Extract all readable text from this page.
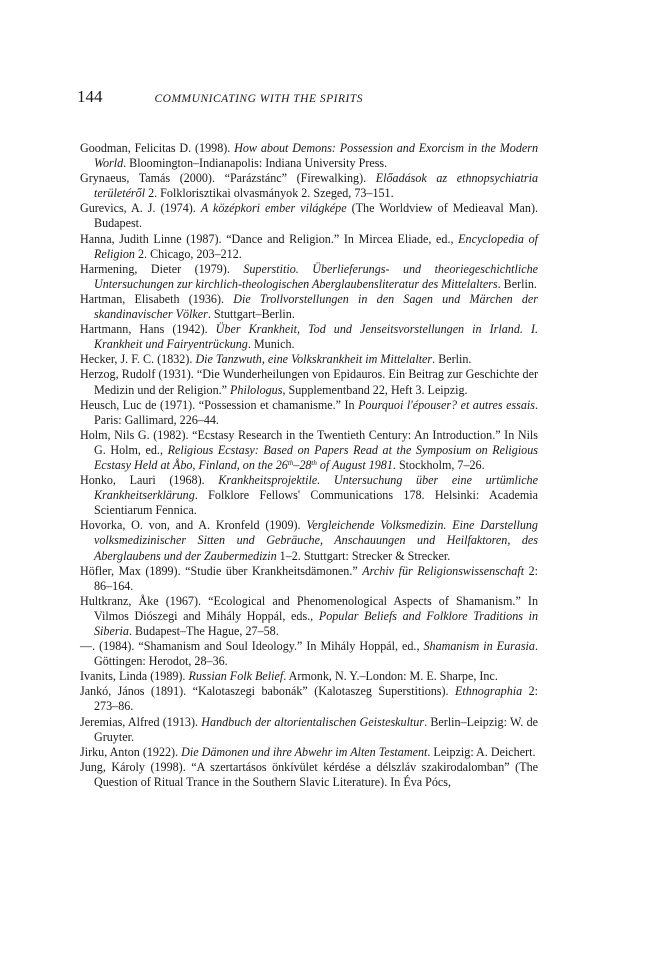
144	COMMUNICATING WITH THE SPIRITS

Goodman, Felicitas D. (1998). How about Demons: Possession and Exorcism in the Modern World. Bloomington–Indianapolis: Indiana University Press.

Grynaeus, Tamás (2000). “Parázstánc” (Firewalking). Előadások az ethnopsychiatria területéről 2. Folklorisztikai olvasmányok 2. Szeged, 73–151.

Gurevics, A. J. (1974). A középkori ember világképe (The Worldview of Medieaval Man). Budapest.

Hanna, Judith Linne (1987). “Dance and Religion.” In Mircea Eliade, ed., Encyclopedia of Religion 2. Chicago, 203–212.

Harmening, Dieter (1979). Superstitio. Überlieferungs- und theoriegeschichtliche Untersuchungen zur kirchlich-theologischen Aberglaubensliteratur des Mittelalters. Berlin.

Hartman, Elisabeth (1936). Die Trollvorstellungen in den Sagen und Märchen der skandinavischer Völker. Stuttgart–Berlin.

Hartmann, Hans (1942). Über Krankheit, Tod und Jenseitsvorstellungen in Irland. I. Krankheit und Fairyentrückung. Munich.

Hecker, J. F. C. (1832). Die Tanzwuth, eine Volkskrankheit im Mittelalter. Berlin.

Herzog, Rudolf (1931). “Die Wunderheilungen von Epidauros. Ein Beitrag zur Geschichte der Medizin und der Religion.” Philologus, Supplementband 22, Heft 3. Leipzig.

Heusch, Luc de (1971). “Possession et chamanisme.” In Pourquoi l'épouser? et autres essais. Paris: Gallimard, 226–44.

Holm, Nils G. (1982). “Ecstasy Research in the Twentieth Century: An Introduction.” In Nils G. Holm, ed., Religious Ecstasy: Based on Papers Read at the Symposium on Religious Ecstasy Held at Åbo, Finland, on the 26th–28th of August 1981. Stockholm, 7–26.

Honko, Lauri (1968). Krankheitsprojektile. Untersuchung über eine urtümliche Krankheitserklärung. Folklore Fellows' Communications 178. Helsinki: Academia Scientiarum Fennica.

Hovorka, O. von, and A. Kronfeld (1909). Vergleichende Volksmedizin. Eine Darstellung volksmedizinischer Sitten und Gebräuche, Anschauungen und Heilfaktoren, des Aberglaubens und der Zaubermedizin 1–2. Stuttgart: Strecker & Strecker.

Höfler, Max (1899). “Studie über Krankheitsdämonen.” Archiv für Religionswissenschaft 2: 86–164.

Hultkranz, Åke (1967). “Ecological and Phenomenological Aspects of Shamanism.” In Vilmos Diószegi and Mihály Hoppál, eds., Popular Beliefs and Folklore Traditions in Siberia. Budapest–The Hague, 27–58.

—. (1984). “Shamanism and Soul Ideology.” In Mihály Hoppál, ed., Shamanism in Eurasia. Göttingen: Herodot, 28–36.

Ivanits, Linda (1989). Russian Folk Belief. Armonk, N. Y.–London: M. E. Sharpe, Inc.

Jankó, János (1891). “Kalotaszegi babonák” (Kalotaszeg Superstitions). Ethnographia 2: 273–86.

Jeremias, Alfred (1913). Handbuch der altorientalischen Geisteskultur. Berlin–Leipzig: W. de Gruyter.

Jirku, Anton (1922). Die Dämonen und ihre Abwehr im Alten Testament. Leipzig: A. Deichert.

Jung, Károly (1998). “A szertartásos önkívület kérdése a délszláv szakirodalomban” (The Question of Ritual Trance in the Southern Slavic Literature). In Éva Pócs,
